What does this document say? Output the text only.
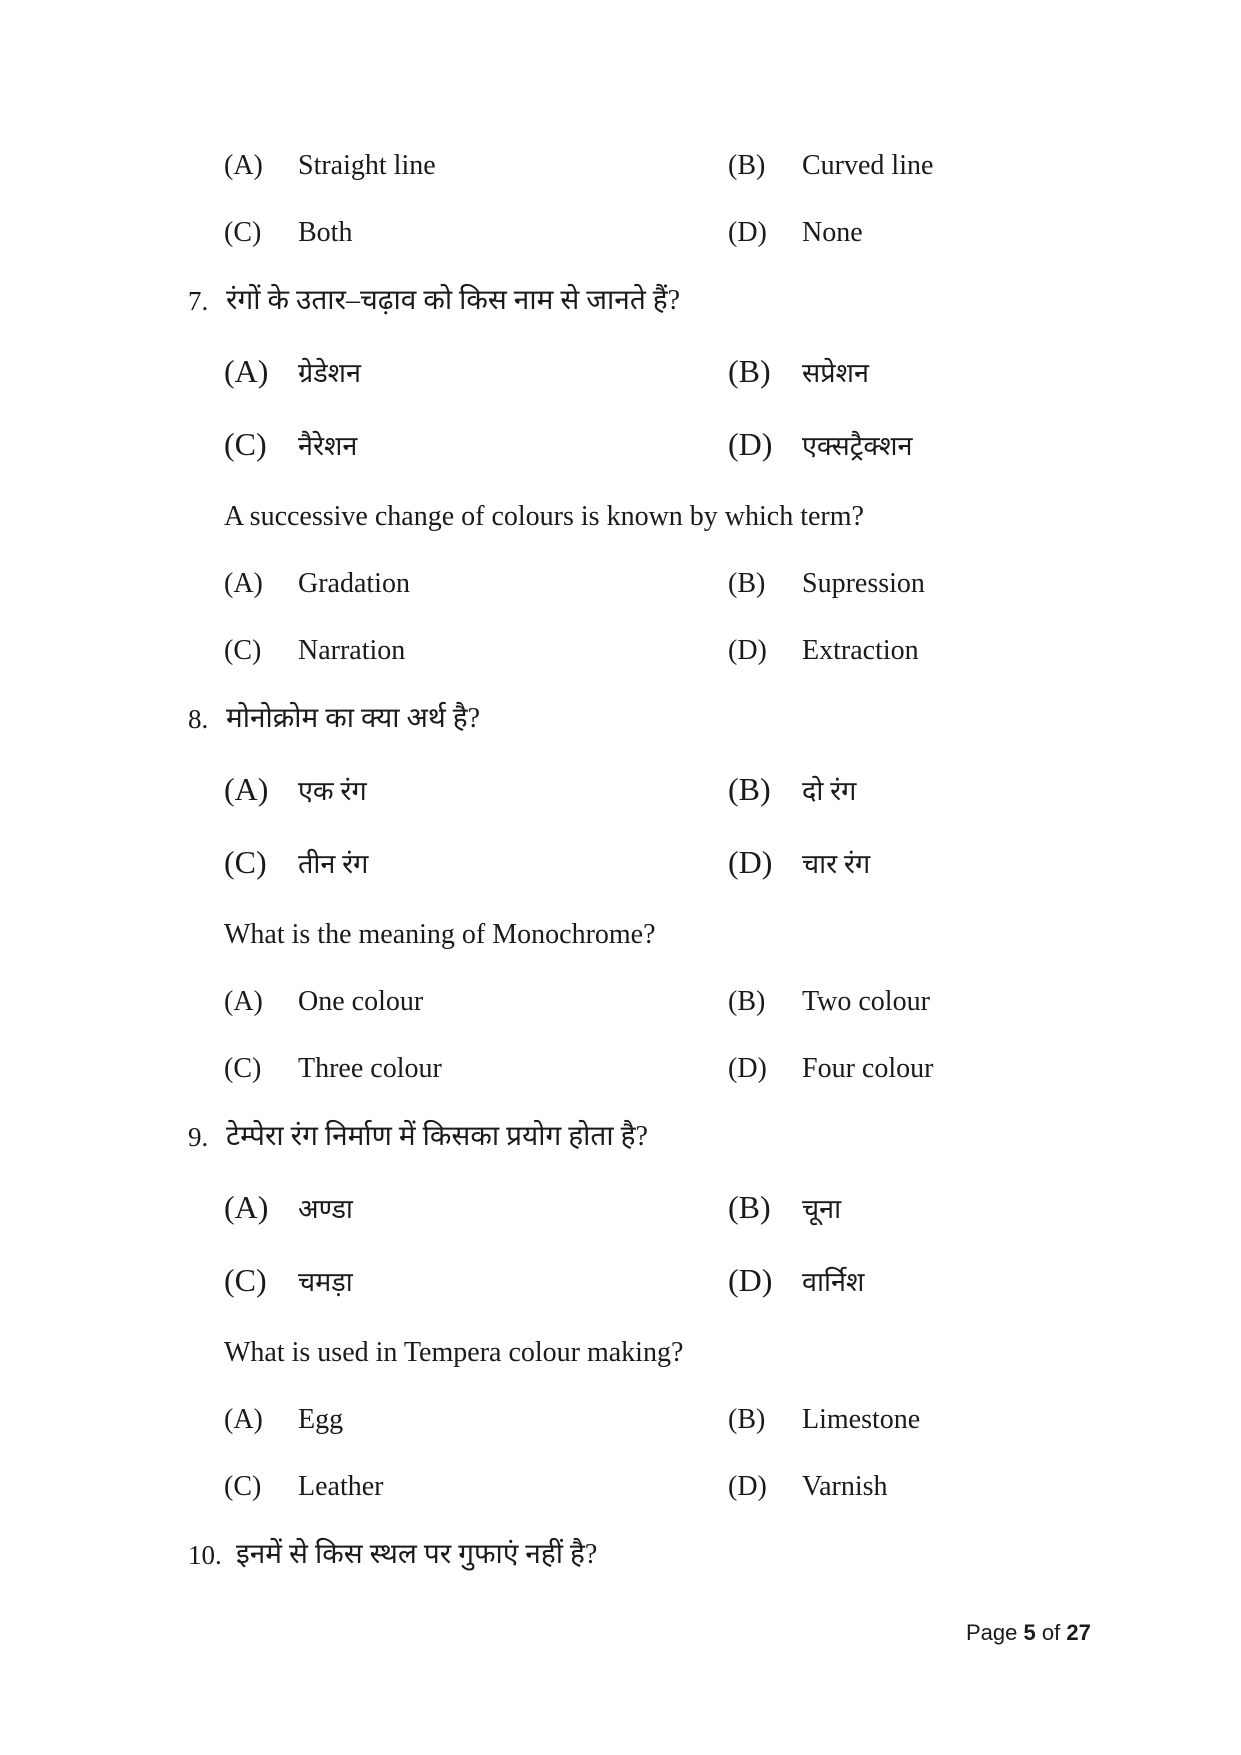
(A) Straight line	(B) Curved line
(C) Both	(D) None
7. रंगों के उतार–चढ़ाव को किस नाम से जानते हैं?
(A) ग्रेडेशन	(B) सप्रेशन
(C) नैरेशन	(D) एक्सट्रैक्शन
A successive change of colours is known by which term?
(A) Gradation	(B) Supression
(C) Narration	(D) Extraction
8. मोनोक्रोम का क्या अर्थ है?
(A) एक रंग	(B) दो रंग
(C) तीन रंग	(D) चार रंग
What is the meaning of Monochrome?
(A) One colour	(B) Two colour
(C) Three colour	(D) Four colour
9. टेम्पेरा रंग निर्माण में किसका प्रयोग होता है?
(A) अण्डा	(B) चूना
(C) चमड़ा	(D) वार्निश
What is used in Tempera colour making?
(A) Egg	(B) Limestone
(C) Leather	(D) Varnish
10. इनमें से किस स्थल पर गुफाएं नहीं है?
Page 5 of 27
